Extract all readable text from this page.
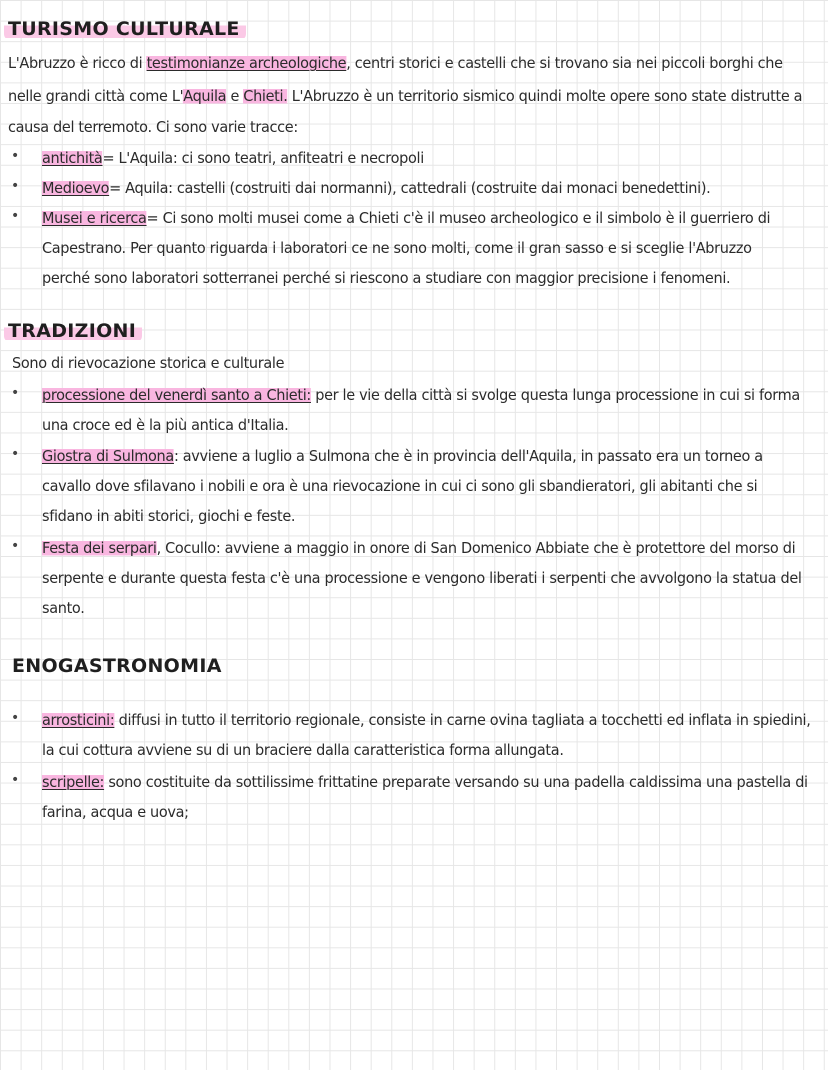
TURISMO CULTURALE
L'Abruzzo è ricco di testimonianze archeologiche, centri storici e castelli che si trovano sia nei piccoli borghi che
nelle grandi città come L'Aquila e Chieti. L'Abruzzo è un territorio sismico quindi molte opere sono state distrutte a
causa del terremoto. Ci sono varie tracce:
• antichità= L'Aquila: ci sono teatri, anfiteatri e necropoli
• Medioevo= Aquila: castelli (costruiti dai normanni), cattedrali (costruite dai monaci benedettini).
• Musei e ricerca= Ci sono molti musei come a Chieti c'è il museo archeologico e il simbolo è il guerriero di
Capestrano. Per quanto riguarda i laboratori ce ne sono molti, come il gran sasso e si sceglie l'Abruzzo
perché sono laboratori sotterranei perché si riescono a studiare con maggior precisione i fenomeni.
TRADIZIONI
Sono di rievocazione storica e culturale
• processione del venerdì santo a Chieti: per le vie della città si svolge questa lunga processione in cui si forma
una croce ed è la più antica d'Italia.
• Giostra di Sulmona: avviene a luglio a Sulmona che è in provincia dell'Aquila, in passato era un torneo a
cavallo dove sfilavano i nobili e ora è una rievocazione in cui ci sono gli sbandieratori, gli abitanti che si
sfidano in abiti storici, giochi e feste.
• Festa dei serpari, Cocullo: avviene a maggio in onore di San Domenico Abbiate che è protettore del morso di
serpente e durante questa festa c'è una processione e vengono liberati i serpenti che avvolgono la statua del
santo.
ENOGASTRONOMIA
• arrosticini: diffusi in tutto il territorio regionale, consiste in carne ovina tagliata a tocchetti ed inflata in spiedini,
la cui cottura avviene su di un braciere dalla caratteristica forma allungata.
• scripelle: sono costituite da sottilissime frittatine preparate versando su una padella caldissima una pastella di
farina, acqua e uova;
